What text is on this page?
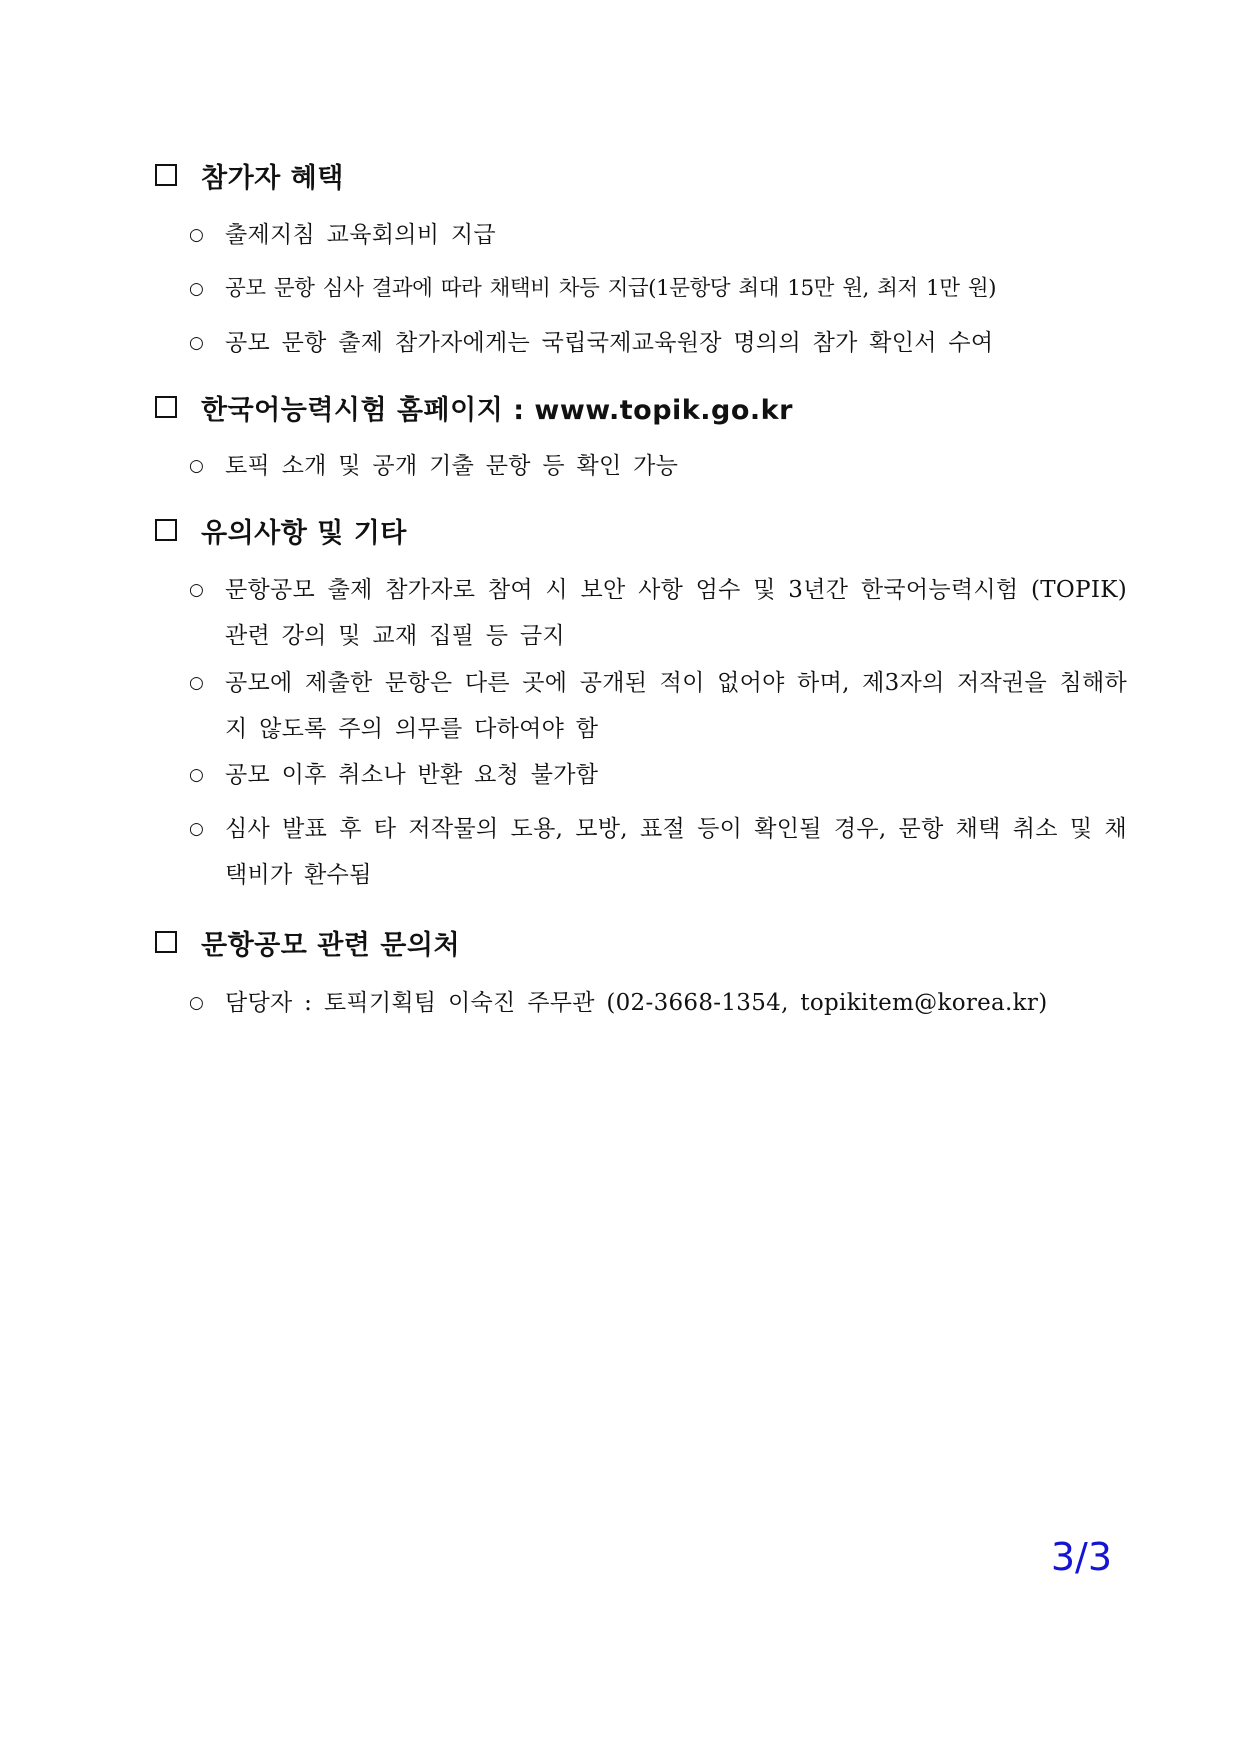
참가자 혜택
○ 출제지침 교육회의비 지급
○ 공모 문항 심사 결과에 따라 채택비 차등 지급(1문항당 최대 15만 원, 최저 1만 원)
○ 공모 문항 출제 참가자에게는 국립국제교육원장 명의의 참가 확인서 수여
한국어능력시험 홈페이지 : www.topik.go.kr
○ 토픽 소개 및 공개 기출 문항 등 확인 가능
유의사항 및 기타
○ 문항공모 출제 참가자로 참여 시 보안 사항 엄수 및 3년간 한국어능력시험 (TOPIK) 관련 강의 및 교재 집필 등 금지
○ 공모에 제출한 문항은 다른 곳에 공개된 적이 없어야 하며, 제3자의 저작권을 침해하지 않도록 주의 의무를 다하여야 함
○ 공모 이후 취소나 반환 요청 불가함
○ 심사 발표 후 타 저작물의 도용, 모방, 표절 등이 확인될 경우, 문항 채택 취소 및 채택비가 환수됨
문항공모 관련 문의처
○ 담당자 : 토픽기획팀 이숙진 주무관 (02-3668-1354, topikitem@korea.kr)
3/3
